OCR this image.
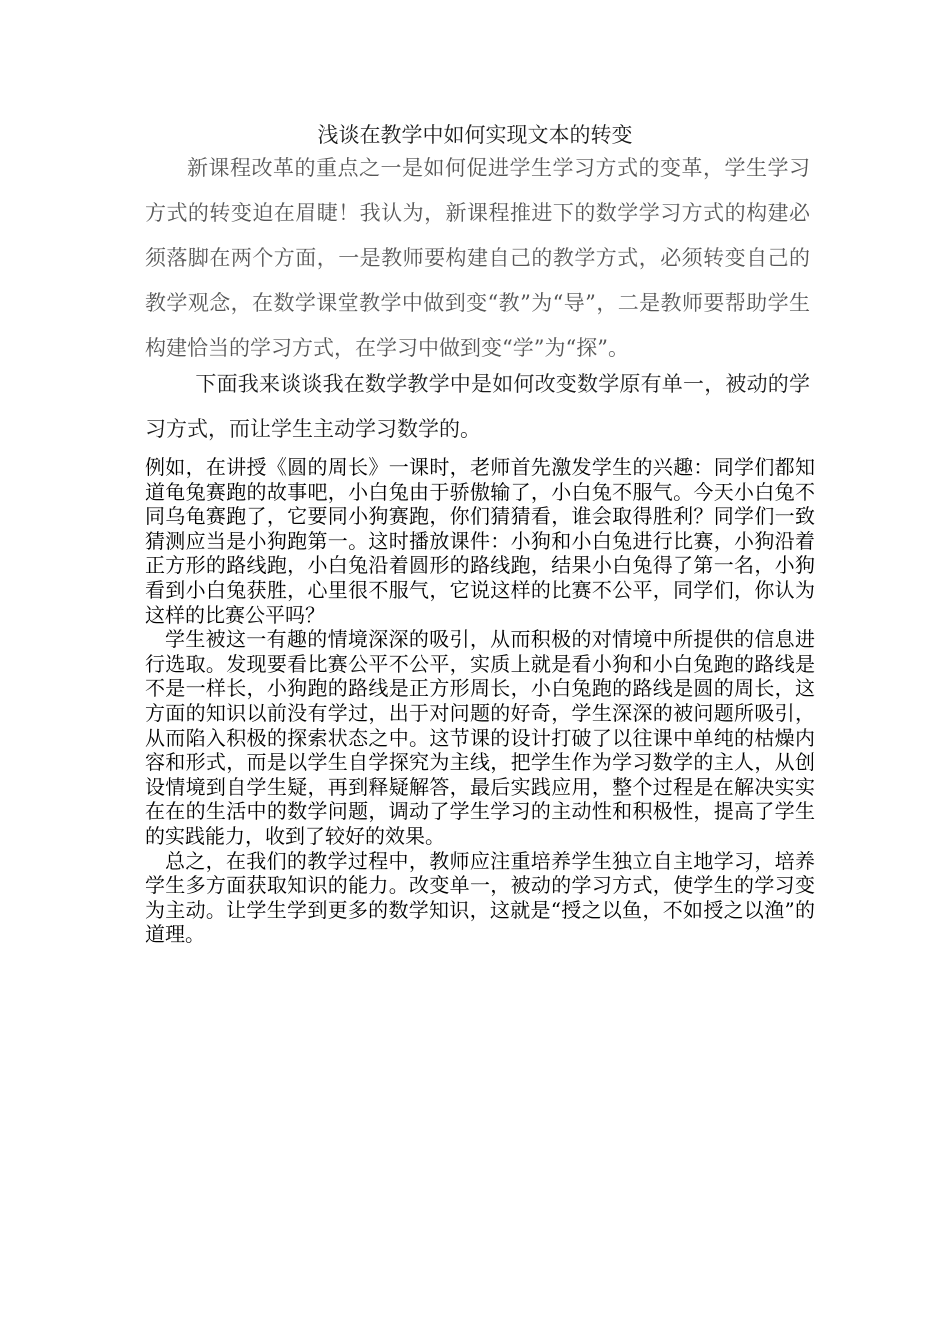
浅谈在教学中如何实现文本的转变

新课程改革的重点之一是如何促进学生学习方式的变革，学生学习方式的转变迫在眉睫！我认为，新课程推进下的数学学习方式的构建必须落脚在两个方面，一是教师要构建自己的教学方式，必须转变自己的教学观念，在数学课堂教学中做到变“教”为“导”，二是教师要帮助学生构建恰当的学习方式，在学习中做到变“学”为“探”。

下面我来谈谈我在数学教学中是如何改变数学原有单一，被动的学习方式，而让学生主动学习数学的。

例如，在讲授《圆的周长》一课时，老师首先激发学生的兴趣：同学们都知道龟兔赛跑的故事吧，小白兔由于骄傲输了，小白兔不服气。今天小白兔不同乌龟赛跑了，它要同小狗赛跑，你们猜猜看，谁会取得胜利？同学们一致猜测应当是小狗跑第一。这时播放课件：小狗和小白兔进行比赛，小狗沿着正方形的路线跑，小白兔沿着圆形的路线跑，结果小白兔得了第一名，小狗看到小白兔获胜，心里很不服气，它说这样的比赛不公平，同学们，你认为这样的比赛公平吗？

学生被这一有趣的情境深深的吸引，从而积极的对情境中所提供的信息进行选取。发现要看比赛公平不公平，实质上就是看小狗和小白兔跑的路线是不是一样长，小狗跑的路线是正方形周长，小白兔跑的路线是圆的周长，这方面的知识以前没有学过，出于对问题的好奇，学生深深的被问题所吸引，从而陷入积极的探索状态之中。这节课的设计打破了以往课中单纯的枯燥内容和形式，而是以学生自学探究为主线，把学生作为学习数学的主人，从创设情境到自学生疑，再到释疑解答，最后实践应用，整个过程是在解决实实在在的生活中的数学问题，调动了学生学习的主动性和积极性，提高了学生的实践能力，收到了较好的效果。

总之，在我们的教学过程中，教师应注重培养学生独立自主地学习，培养学生多方面获取知识的能力。改变单一，被动的学习方式，使学生的学习变为主动。让学生学到更多的数学知识，这就是“授之以鱼，不如授之以渔”的道理。
